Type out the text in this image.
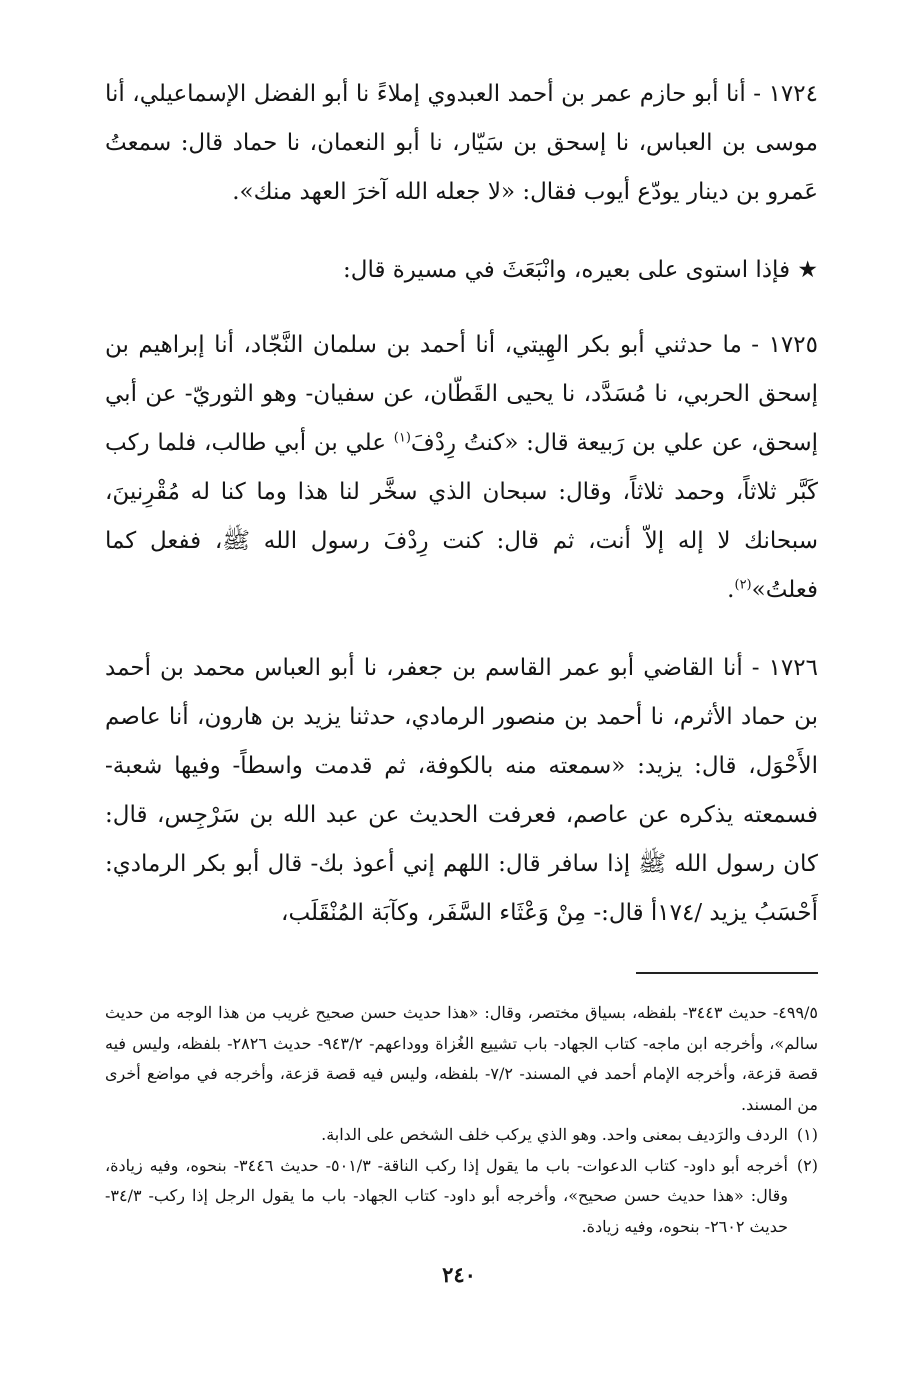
١٧٢٤ - أنا أبو حازم عمر بن أحمد العبدوي إملاءً نا أبو الفضل الإسماعيلي، أنا موسى بن العباس، نا إسحق بن سَيّار، نا أبو النعمان، نا حماد قال: سمعتُ عَمرو بن دينار يودّع أيوب فقال: «لا جعله الله آخرَ العهد منك».

★ فإذا استوى على بعيره، وانْبَعَثَ في مسيرة قال:

١٧٢٥ - ما حدثني أبو بكر الهِيتي، أنا أحمد بن سلمان النَّجّاد، أنا إبراهيم بن إسحق الحربي، نا مُسَدَّد، نا يحيى القَطّان، عن سفيان- وهو الثوريّ- عن أبي إسحق، عن علي بن رَبيعة قال: «كنتُ رِدْفَ$^{(١)}$ علي بن أبي طالب، فلما ركب كَبَّر ثلاثاً، وحمد ثلاثاً، وقال: سبحان الذي سخَّر لنا هذا وما كنا له مُقْرِنينَ، سبحانك لا إله إلاّ أنت، ثم قال: كنت رِدْفَ رسول الله ﷺ، ففعل كما فعلتُ»$^{(٢)}$.

١٧٢٦ - أنا القاضي أبو عمر القاسم بن جعفر، نا أبو العباس محمد بن أحمد بن حماد الأثرم، نا أحمد بن منصور الرمادي، حدثنا يزيد بن هارون، أنا عاصم الأَحْوَل، قال: يزيد: «سمعته منه بالكوفة، ثم قدمت واسطاً- وفيها شعبة- فسمعته يذكره عن عاصم، فعرفت الحديث عن عبد الله بن سَرْجِس، قال: كان رسول الله ﷺ إذا سافر قال: اللهم إني أعوذ بك- قال أبو بكر الرمادي: أَحْسَبُ يزيد /١٧٤أ قال:- مِنْ وَعْثَاء السَّفَر، وكآبَة المُنْقَلَب،

٤٩٩/٥- حديث ٣٤٤٣- بلفظه، بسياق مختصر، وقال: «هذا حديث حسن صحيح غريب من هذا الوجه من حديث سالم»، وأخرجه ابن ماجه- كتاب الجهاد- باب تشييع الغُزاة ووداعهم- ٩٤٣/٢- حديث ٢٨٢٦- بلفظه، وليس فيه قصة قزعة، وأخرجه الإمام أحمد في المسند- ٧/٢- بلفظه، وليس فيه قصة قزعة، وأخرجه في مواضع أخرى من المسند.

(١)
الردف والرَديف بمعنى واحد. وهو الذي يركب خلف الشخص على الدابة.
(٢)
أخرجه أبو داود- كتاب الدعوات- باب ما يقول إذا ركب الناقة- ٥٠١/٣- حديث ٣٤٤٦- بنحوه، وفيه زيادة، وقال: «هذا حديث حسن صحيح»، وأخرجه أبو داود- كتاب الجهاد- باب ما يقول الرجل إذا ركب- ٣٤/٣- حديث ٢٦٠٢- بنحوه، وفيه زيادة.
٢٤٠
